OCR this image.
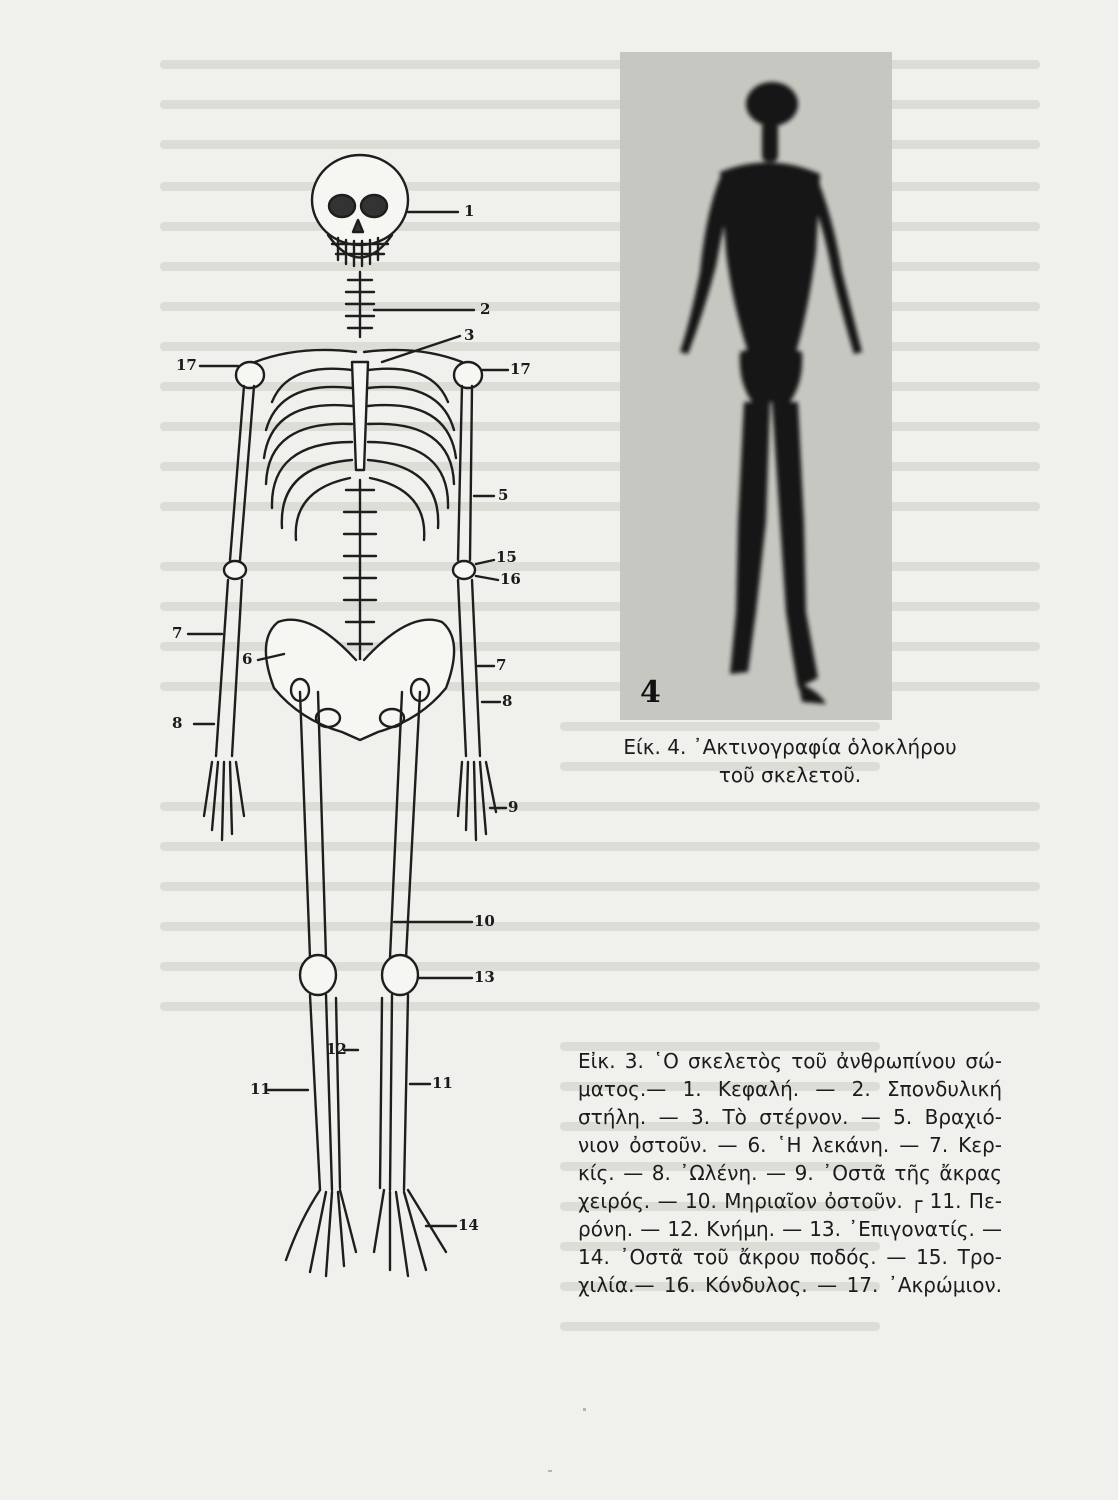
1
2
3
17	17
5
15
16
6
7
7
8
8
9
10
13
12
11	11
14
4
Είκ. 4. ᾿Ακτινογραφία ὁλοκλήρου
τοῦ σκελετοῦ.
Εἰκ. 3. ῾Ο σκελετὸς τοῦ ἀνθρωπίνου σώ-
ματος.— 1. Κεφαλή. — 2. Σπονδυλική
στήλη. — 3. Τὸ στέρνον. — 5. Βραχιό-
νιον ὀστοῦν. — 6. ῾Η λεκάνη. — 7. Κερ-
κίς. — 8. ᾿Ωλένη. — 9. ᾿Οστᾶ τῆς ἄκρας
χειρός. — 10. Μηριαῖον ὀστοῦν. ┌ 11. Πε-
ρόνη. — 12. Κνήμη. — 13. ᾿Επιγονατίς. —
14. ᾿Οστᾶ τοῦ ἄκρου ποδός. — 15. Τρο-
χιλία.— 16. Κόνδυλος. — 17. ᾿Ακρώμιον.
